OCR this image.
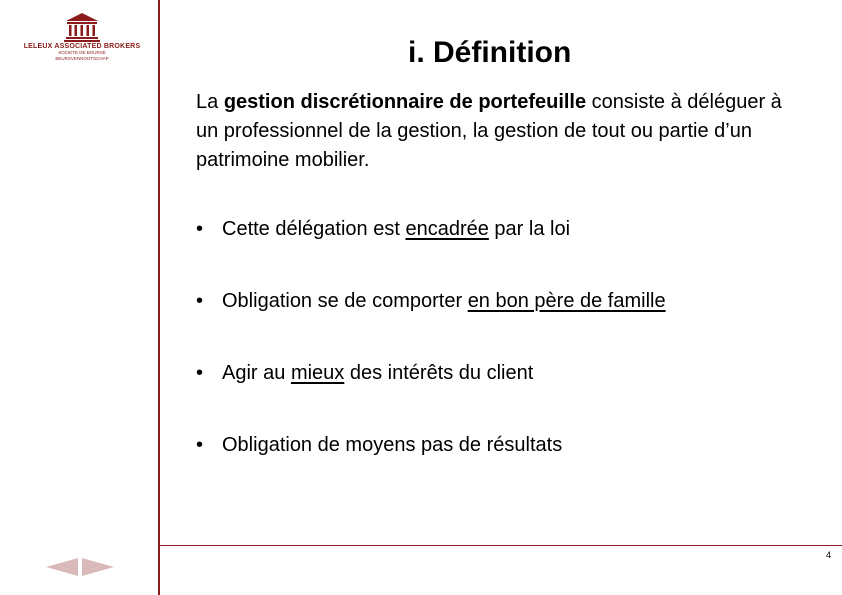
LELEUX ASSOCIATED BROKERS
SOCIETE DE BOURSE
BEURSVENNOOTSCHAP	i. Définition
La gestion discrétionnaire de portefeuille consiste à déléguer à un professionnel de la gestion, la gestion de tout ou partie d’un patrimoine mobilier.
• Cette délégation est encadrée par la loi
• Obligation se de comporter en bon père de famille
• Agir au mieux des intérêts du client
• Obligation de moyens pas de résultats
4
